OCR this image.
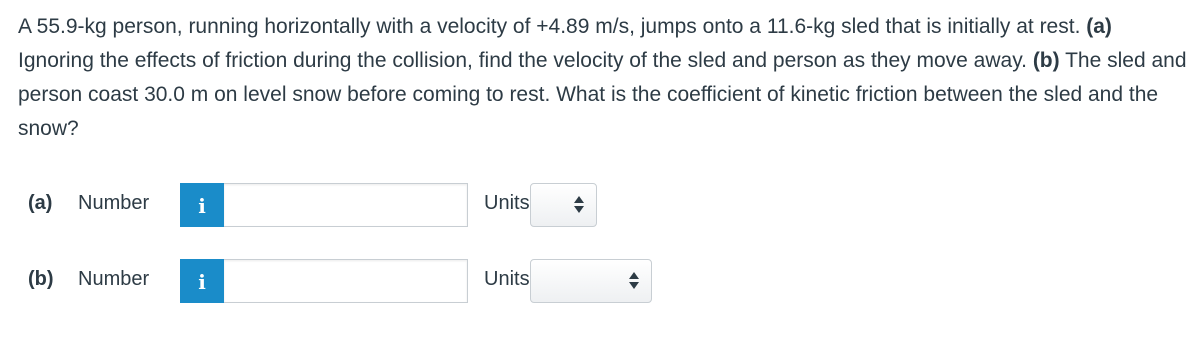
A 55.9-kg person, running horizontally with a velocity of +4.89 m/s, jumps onto a 11.6-kg sled that is initially at rest. (a) Ignoring the effects of friction during the collision, find the velocity of the sled and person as they move away. (b) The sled and person coast 30.0 m on level snow before coming to rest. What is the coefficient of kinetic friction between the sled and the snow?
(a) Number	i	Units
(b) Number	i	Units
